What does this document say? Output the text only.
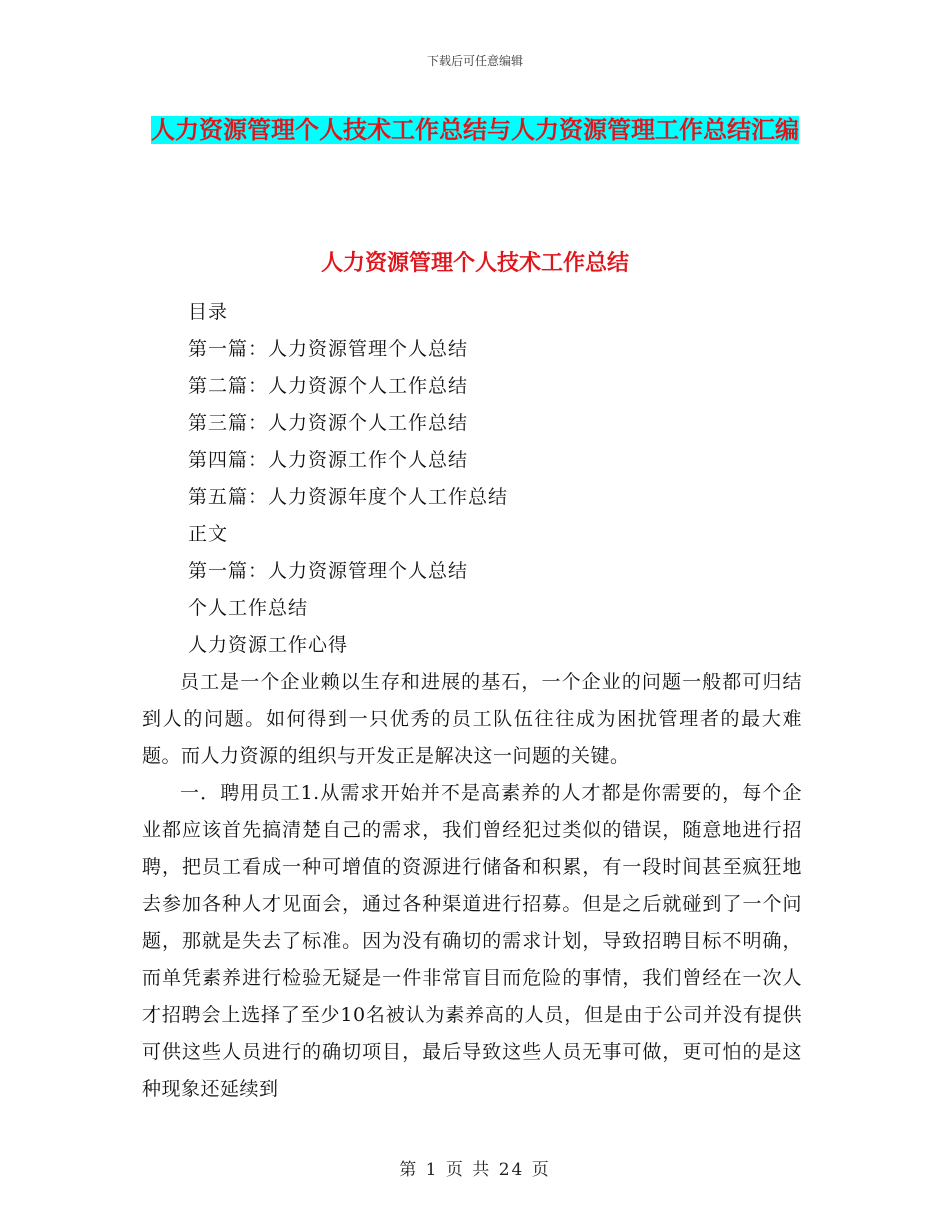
下载后可任意编辑
人力资源管理个人技术工作总结与人力资源管理工作总结汇编
人力资源管理个人技术工作总结
目录
第一篇：人力资源管理个人总结
第二篇：人力资源个人工作总结
第三篇：人力资源个人工作总结
第四篇：人力资源工作个人总结
第五篇：人力资源年度个人工作总结
正文
第一篇：人力资源管理个人总结
个人工作总结
人力资源工作心得

员工是一个企业赖以生存和进展的基石，一个企业的问题一般都可归结到人的问题。如何得到一只优秀的员工队伍往往成为困扰管理者的最大难题。而人力资源的组织与开发正是解决这一问题的关键。

一．聘用员工1.从需求开始并不是高素养的人才都是你需要的，每个企业都应该首先搞清楚自己的需求，我们曾经犯过类似的错误，随意地进行招聘，把员工看成一种可增值的资源进行储备和积累，有一段时间甚至疯狂地去参加各种人才见面会，通过各种渠道进行招募。但是之后就碰到了一个问题，那就是失去了标准。因为没有确切的需求计划，导致招聘目标不明确，而单凭素养进行检验无疑是一件非常盲目而危险的事情，我们曾经在一次人才招聘会上选择了至少10名被认为素养高的人员，但是由于公司并没有提供可供这些人员进行的确切项目，最后导致这些人员无事可做，更可怕的是这种现象还延续到

第 1 页 共 24 页
